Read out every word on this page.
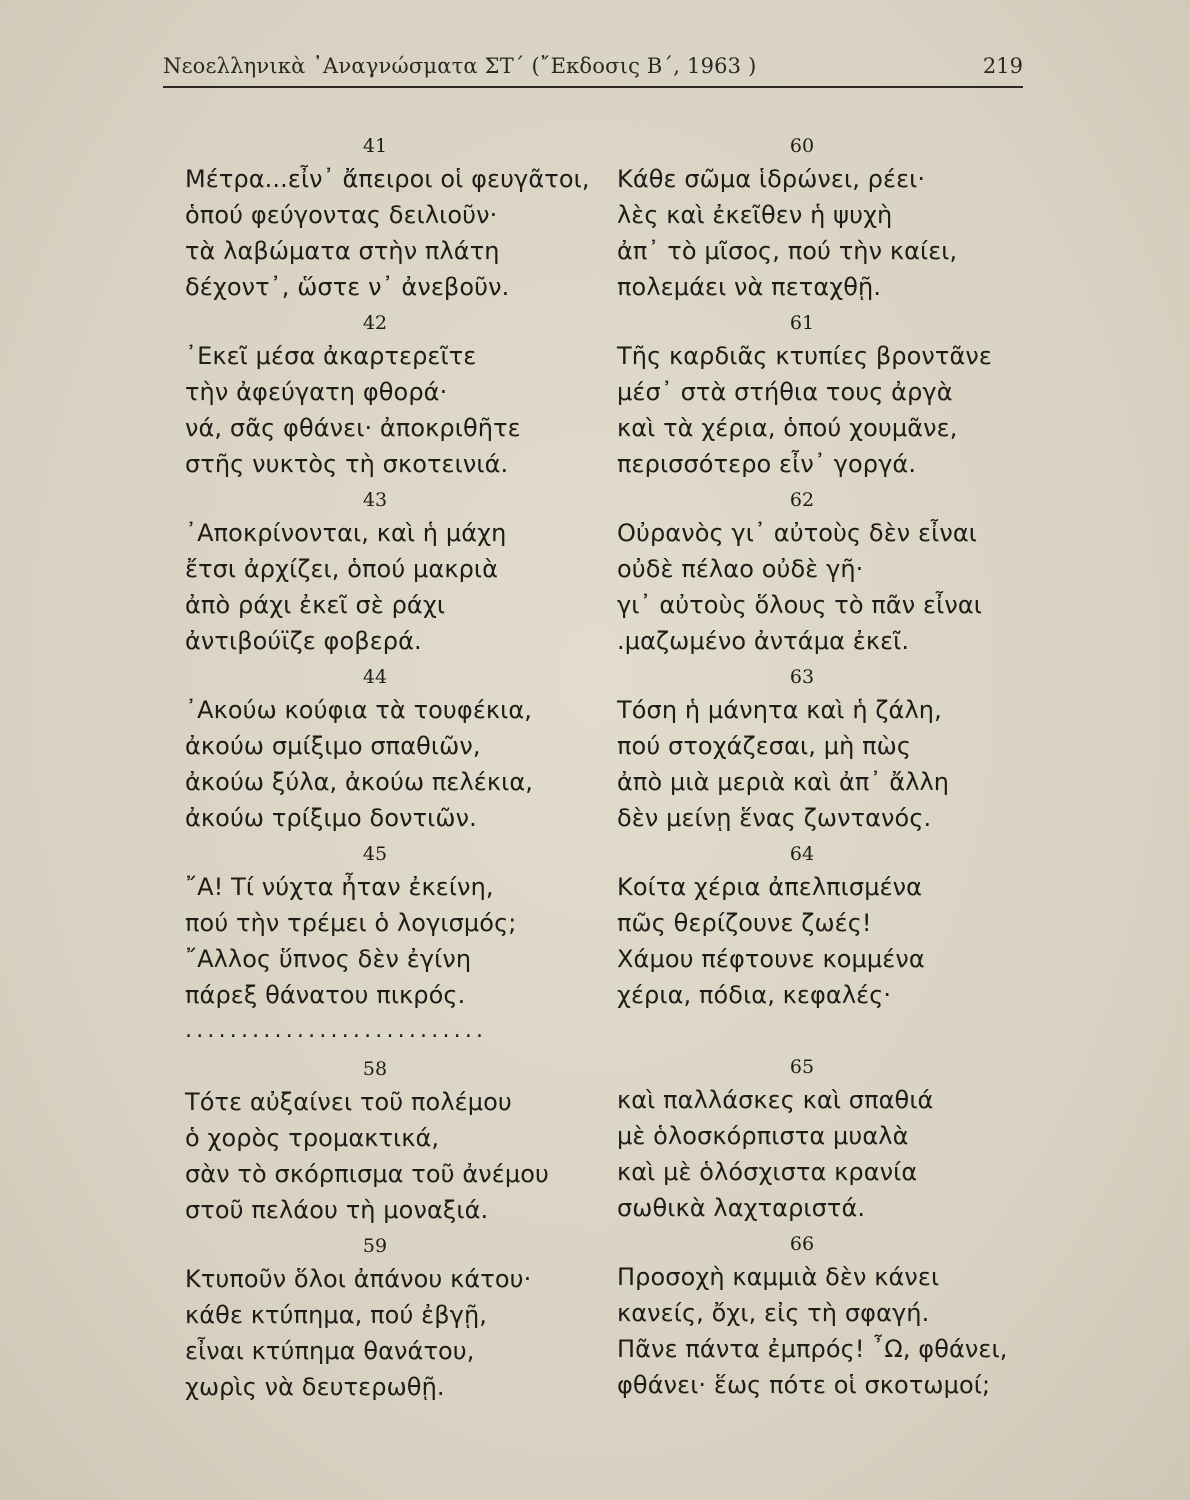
Νεοελληνικὰ ᾿Αναγνώσματα ΣΤ΄ (῎Εκδοσις Β΄, 1963 )	219
41
Μέτρα...εἶν᾿ ἄπειροι οἱ φευγᾶτοι,
ὁπού φεύγοντας δειλιοῦν·
τὰ λαβώματα στὴν πλάτη
δέχοντ᾿, ὥστε ν᾿ ἀνεβοῦν.
42
᾿Εκεῖ μέσα ἀκαρτερεῖτε
τὴν ἀφεύγατη φθορά·
νά, σᾶς φθάνει· ἀποκριθῆτε
στῆς νυκτὸς τὴ σκοτεινιά.
43
᾿Αποκρίνονται, καὶ ἡ μάχη
ἔτσι ἀρχίζει, ὁπού μακριὰ
ἀπὸ ράχι ἐκεῖ σὲ ράχι
ἀντιβούϊζε φοβερά.
44
᾿Ακούω κούφια τὰ τουφέκια,
ἀκούω σμίξιμο σπαθιῶν,
ἀκούω ξύλα, ἀκούω πελέκια,
ἀκούω τρίξιμο δοντιῶν.
45
῎Α! Τί νύχτα ἦταν ἐκείνη,
πού τὴν τρέμει ὁ λογισμός;
῎Αλλος ὕπνος δὲν ἐγίνη
πάρεξ θάνατου πικρός.
...........................
58
Τότε αὐξαίνει τοῦ πολέμου
ὁ χορὸς τρομακτικά,
σὰν τὸ σκόρπισμα τοῦ ἀνέμου
στοῦ πελάου τὴ μοναξιά.
59
Κτυποῦν ὅλοι ἀπάνου κάτου·
κάθε κτύπημα, πού ἐβγῇ,
εἶναι κτύπημα θανάτου,
χωρὶς νὰ δευτερωθῇ.
60
Κάθε σῶμα ἱδρώνει, ρέει·
λὲς καὶ ἐκεῖθεν ἡ ψυχὴ
ἀπ᾿ τὸ μῖσος, πού τὴν καίει,
πολεμάει νὰ πεταχθῇ.
61
Τῆς καρδιᾶς κτυπίες βροντᾶνε
μέσ᾿ στὰ στήθια τους ἀργὰ
καὶ τὰ χέρια, ὁπού χουμᾶνε,
περισσότερο εἶν᾿ γοργά.
62
Οὐρανὸς γι᾿ αὐτοὺς δὲν εἶναι
οὐδὲ πέλαο οὐδὲ γῆ·
γι᾿ αὐτοὺς ὅλους τὸ πᾶν εἶναι
.μαζωμένο ἀντάμα ἐκεῖ.
63
Τόση ἡ μάνητα καὶ ἡ ζάλη,
πού στοχάζεσαι, μὴ πὼς
ἀπὸ μιὰ μεριὰ καὶ ἀπ᾿ ἄλλη
δὲν μείνῃ ἕνας ζωντανός.
64
Κοίτα χέρια ἀπελπισμένα
πῶς θερίζουνε ζωές!
Χάμου πέφτουνε κομμένα
χέρια, πόδια, κεφαλές·
65
καὶ παλλάσκες καὶ σπαθιά
μὲ ὁλοσκόρπιστα μυαλὰ
καὶ μὲ ὁλόσχιστα κρανία
σωθικὰ λαχταριστά.
66
Προσοχὴ καμμιὰ δὲν κάνει
κανείς, ὄχι, εἰς τὴ σφαγή.
Πᾶνε πάντα ἐμπρός! ῏Ω, φθάνει,
φθάνει· ἕως πότε οἱ σκοτωμοί;
